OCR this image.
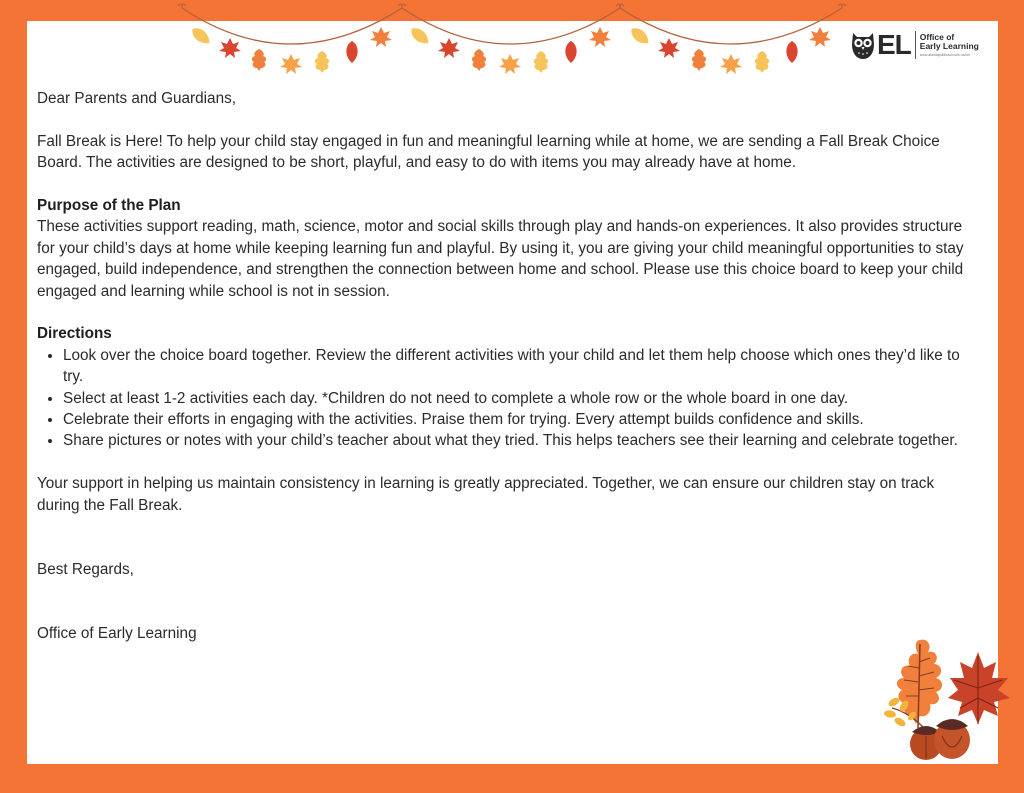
EL Office of
Early Learning
www.atlantapublicschools.us/oel

Dear Parents and Guardians,

Fall Break is Here! To help your child stay engaged in fun and meaningful learning while at home, we are sending a Fall Break Choice Board. The activities are designed to be short, playful, and easy to do with items you may already have at home.

Purpose of the Plan

These activities support reading, math, science, motor and social skills through play and hands-on experiences. It also provides structure for your child’s days at home while keeping learning fun and playful. By using it, you are giving your child meaningful opportunities to stay engaged, build independence, and strengthen the connection between home and school. Please use this choice board to keep your child engaged and learning while school is not in session.

Directions

• Look over the choice board together. Review the different activities with your child and let them help choose which ones they’d like to try.
• Select at least 1-2 activities each day. *Children do not need to complete a whole row or the whole board in one day.
• Celebrate their efforts in engaging with the activities. Praise them for trying. Every attempt builds confidence and skills.
• Share pictures or notes with your child’s teacher about what they tried. This helps teachers see their learning and celebrate together.

Your support in helping us maintain consistency in learning is greatly appreciated. Together, we can ensure our children stay on track during the Fall Break.

Best Regards,

Office of Early Learning
